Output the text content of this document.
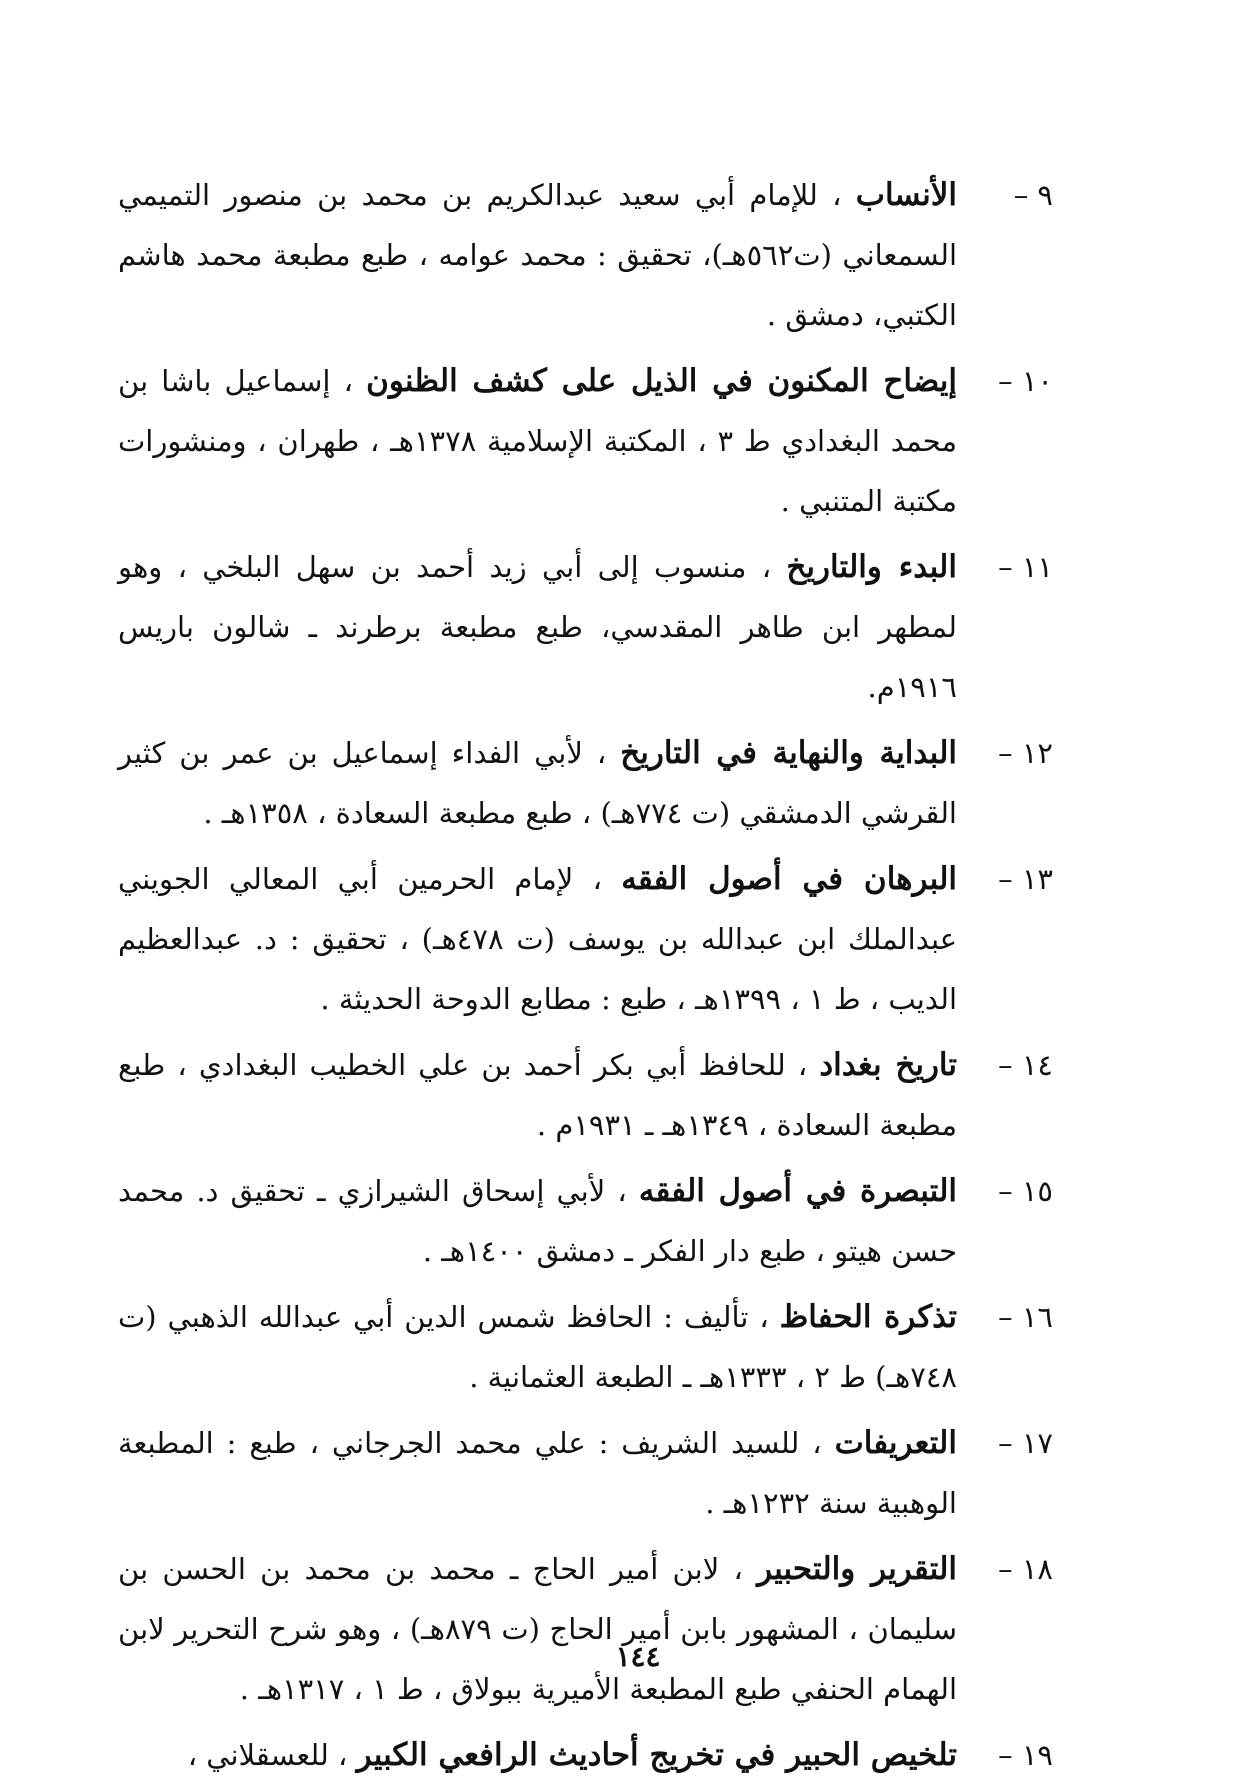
٩ –
الأنساب ، للإمام أبي سعيد عبدالكريم بن محمد بن منصور التميمي السمعاني (ت٥٦٢هـ)، تحقيق : محمد عوامه ، طبع مطبعة محمد هاشم الكتبي، دمشق .
١٠ –
إيضاح المكنون في الذيل على كشف الظنون ، إسماعيل باشا بن محمد البغدادي ط ٣ ، المكتبة الإسلامية ١٣٧٨هـ ، طهران ، ومنشورات مكتبة المتنبي .
١١ –
البدء والتاريخ ، منسوب إلى أبي زيد أحمد بن سهل البلخي ، وهو لمطهر ابن طاهر المقدسي، طبع مطبعة برطرند ـ شالون باريس ١٩١٦م.
١٢ –
البداية والنهاية في التاريخ ، لأبي الفداء إسماعيل بن عمر بن كثير القرشي الدمشقي (ت ٧٧٤هـ) ، طبع مطبعة السعادة ، ١٣٥٨هـ .
١٣ –
البرهان في أصول الفقه ، لإمام الحرمين أبي المعالي الجويني عبدالملك ابن عبدالله بن يوسف (ت ٤٧٨هـ) ، تحقيق : د. عبدالعظيم الديب ، ط ١ ، ١٣٩٩هـ ، طبع : مطابع الدوحة الحديثة .
١٤ –
تاريخ بغداد ، للحافظ أبي بكر أحمد بن علي الخطيب البغدادي ، طبع مطبعة السعادة ، ١٣٤٩هـ ـ ١٩٣١م .
١٥ –
التبصرة في أصول الفقه ، لأبي إسحاق الشيرازي ـ تحقيق د. محمد حسن هيتو ، طبع دار الفكر ـ دمشق ١٤٠٠هـ .
١٦ –
تذكرة الحفاظ ، تأليف : الحافظ شمس الدين أبي عبدالله الذهبي (ت ٧٤٨هـ) ط ٢ ، ١٣٣٣هـ ـ الطبعة العثمانية .
١٧ –
التعريفات ، للسيد الشريف : علي محمد الجرجاني ، طبع : المطبعة الوهبية سنة ١٢٣٢هـ .
١٨ –
التقرير والتحبير ، لابن أمير الحاج ـ محمد بن محمد بن الحسن بن سليمان ، المشهور بابن أمير الحاج (ت ٨٧٩هـ) ، وهو شرح التحرير لابن الهمام الحنفي طبع المطبعة الأميرية ببولاق ، ط ١ ، ١٣١٧هـ .
١٩ –
تلخيص الحبير في تخريج أحاديث الرافعي الكبير ، للعسقلاني ،
١٤٤
